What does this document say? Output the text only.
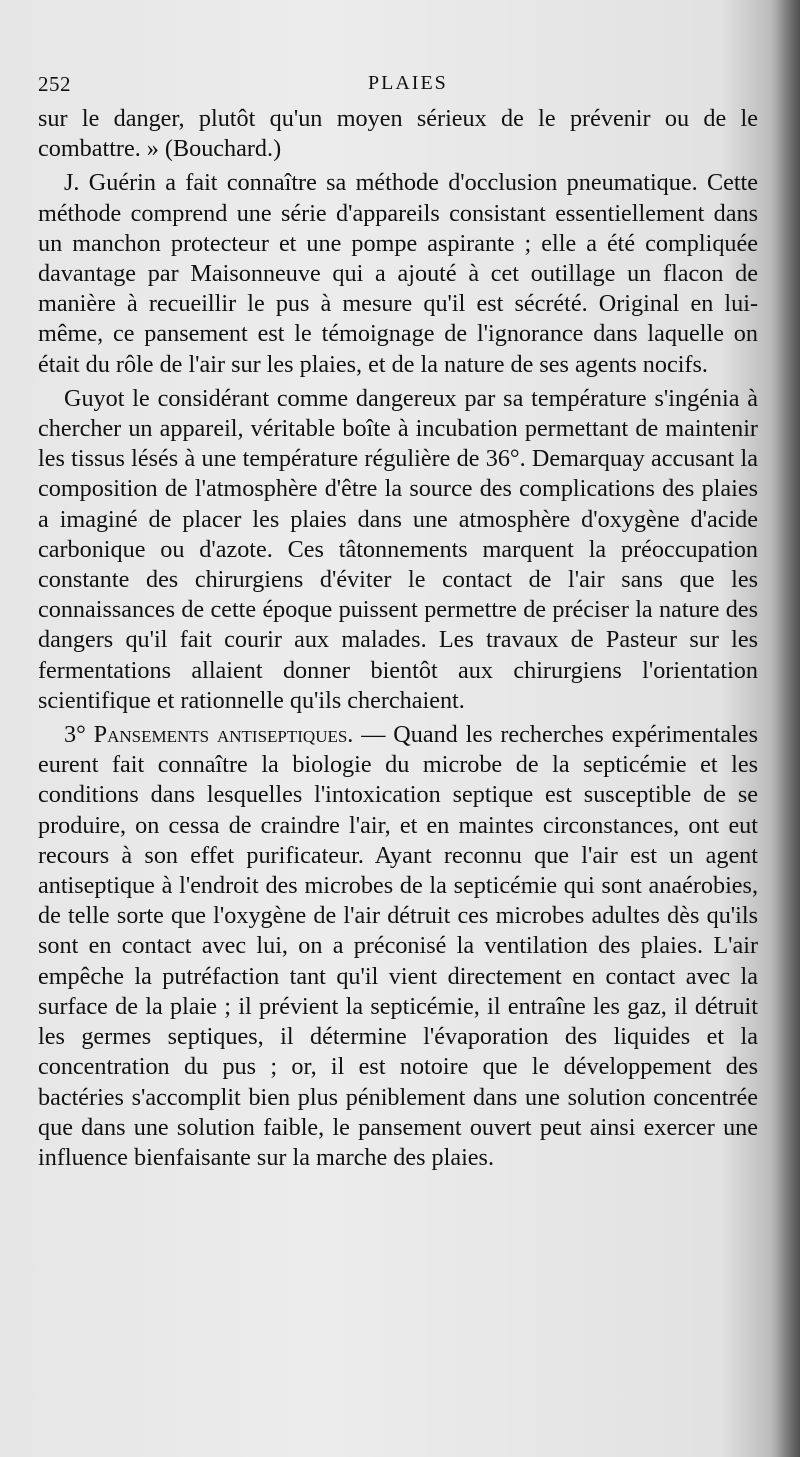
252	PLAIES

sur le danger, plutôt qu'un moyen sérieux de le prévenir ou de le combattre. » (Bouchard.)

J. Guérin a fait connaître sa méthode d'occlusion pneumatique. Cette méthode comprend une série d'appareils consistant essentiellement dans un manchon protecteur et une pompe aspirante ; elle a été compliquée davantage par Maisonneuve qui a ajouté à cet outillage un flacon de manière à recueillir le pus à mesure qu'il est sécrété. Original en lui-même, ce pansement est le témoignage de l'ignorance dans laquelle on était du rôle de l'air sur les plaies, et de la nature de ses agents nocifs.

Guyot le considérant comme dangereux par sa température s'ingénia à chercher un appareil, véritable boîte à incubation permettant de maintenir les tissus lésés à une température régulière de 36°. Demarquay accusant la composition de l'atmosphère d'être la source des complications des plaies a imaginé de placer les plaies dans une atmosphère d'oxygène d'acide carbonique ou d'azote. Ces tâtonnements marquent la préoccupation constante des chirurgiens d'éviter le contact de l'air sans que les connaissances de cette époque puissent permettre de préciser la nature des dangers qu'il fait courir aux malades. Les travaux de Pasteur sur les fermentations allaient donner bientôt aux chirurgiens l'orientation scientifique et rationnelle qu'ils cherchaient.

3° Pansements antiseptiques. — Quand les recherches expérimentales eurent fait connaître la biologie du microbe de la septicémie et les conditions dans lesquelles l'intoxication septique est susceptible de se produire, on cessa de craindre l'air, et en maintes circonstances, ont eut recours à son effet purificateur. Ayant reconnu que l'air est un agent antiseptique à l'endroit des microbes de la septicémie qui sont anaérobies, de telle sorte que l'oxygène de l'air détruit ces microbes adultes dès qu'ils sont en contact avec lui, on a préconisé la ventilation des plaies. L'air empêche la putréfaction tant qu'il vient directement en contact avec la surface de la plaie ; il prévient la septicémie, il entraîne les gaz, il détruit les germes septiques, il détermine l'évaporation des liquides et la concentration du pus ; or, il est notoire que le développement des bactéries s'accomplit bien plus péniblement dans une solution concentrée que dans une solution faible, le pansement ouvert peut ainsi exercer une influence bienfaisante sur la marche des plaies.
